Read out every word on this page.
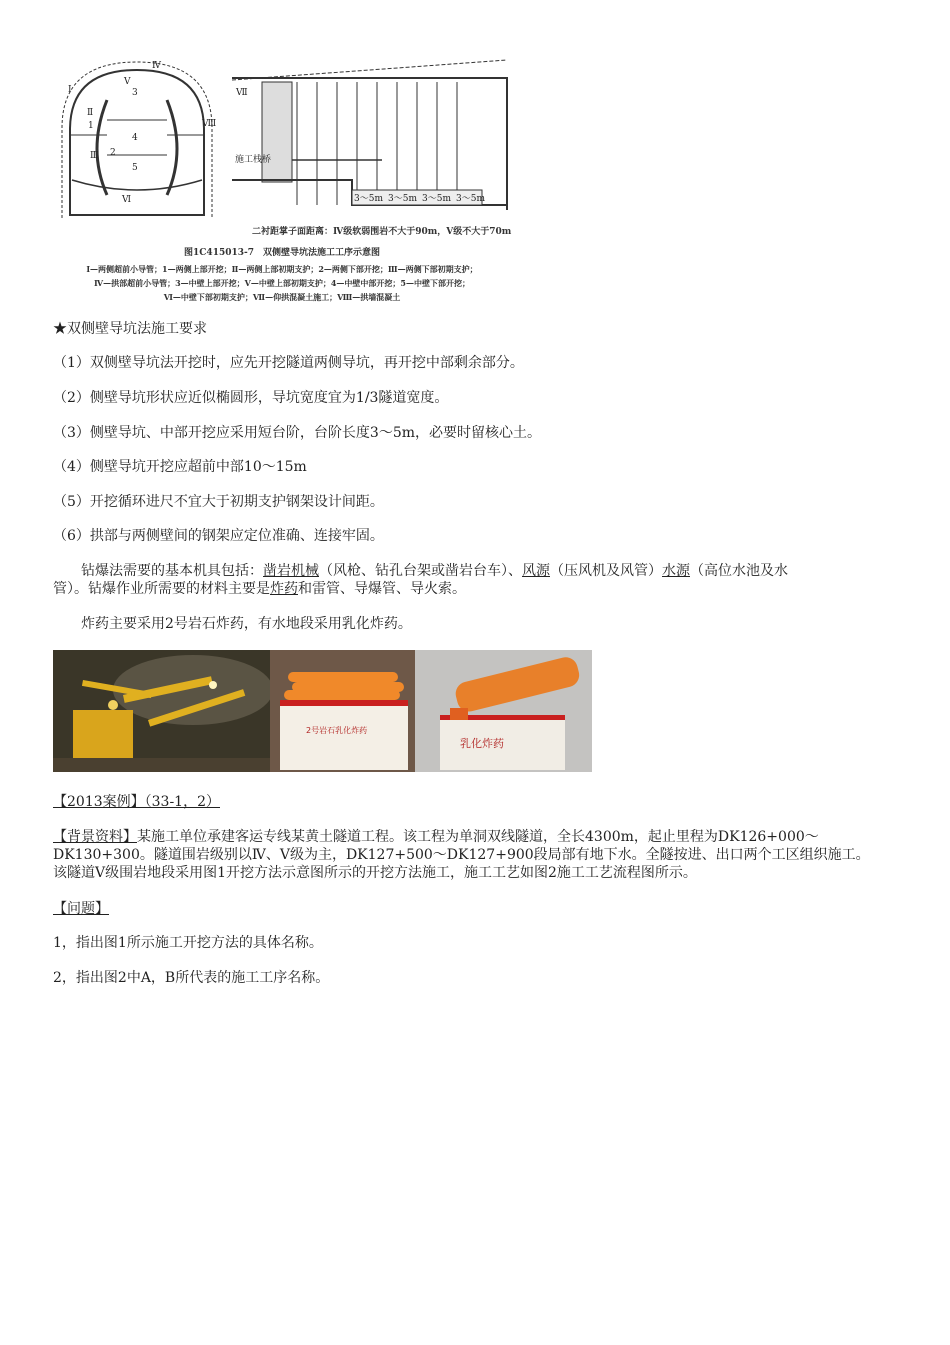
3
4
5
2
1
Ⅰ
Ⅱ
Ⅲ
Ⅳ
Ⅴ
Ⅵ
Ⅶ
Ⅷ
施工栈桥
3～5m 3～5m 3～5m 3～5m
二衬距掌子面距离：Ⅳ级软弱围岩不大于90m，Ⅴ级不大于70m
图1C415013-7　双侧壁导坑法施工工序示意图
Ⅰ—两侧超前小导管；1—两侧上部开挖；Ⅱ—两侧上部初期支护；2—两侧下部开挖；Ⅲ—两侧下部初期支护；
Ⅳ—拱部超前小导管；3—中壁上部开挖；Ⅴ—中壁上部初期支护；4—中壁中部开挖；5—中壁下部开挖；
Ⅵ—中壁下部初期支护；Ⅶ—仰拱混凝土施工；Ⅷ—拱墙混凝土
★双侧壁导坑法施工要求
（1）双侧壁导坑法开挖时，应先开挖隧道两侧导坑，再开挖中部剩余部分。
（2）侧壁导坑形状应近似椭圆形，导坑宽度宜为1/3隧道宽度。
（3）侧壁导坑、中部开挖应采用短台阶，台阶长度3～5m，必要时留核心土。
（4）侧壁导坑开挖应超前中部10～15m
（5）开挖循环进尺不宜大于初期支护钢架设计间距。
（6）拱部与两侧壁间的钢架应定位准确、连接牢固。
钻爆法需要的基本机具包括：凿岩机械（风枪、钻孔台架或凿岩台车）、风源（压风机及风管）水源（高位水池及水
管）。钻爆作业所需要的材料主要是炸药和雷管、导爆管、导火索。
炸药主要采用2号岩石炸药，有水地段采用乳化炸药。
2号岩石乳化炸药
乳化炸药
【2013案例】（33-1，2）
【背景资料】某施工单位承建客运专线某黄土隧道工程。该工程为单洞双线隧道，全长4300m，起止里程为DK126+000～
DK130+300。隧道围岩级别以Ⅳ、Ⅴ级为主，DK127+500～DK127+900段局部有地下水。全隧按进、出口两个工区组织施工。
该隧道Ⅴ级围岩地段采用图1开挖方法示意图所示的开挖方法施工，施工工艺如图2施工工艺流程图所示。
【问题】
1，指出图1所示施工开挖方法的具体名称。
2，指出图2中A，B所代表的施工工序名称。
